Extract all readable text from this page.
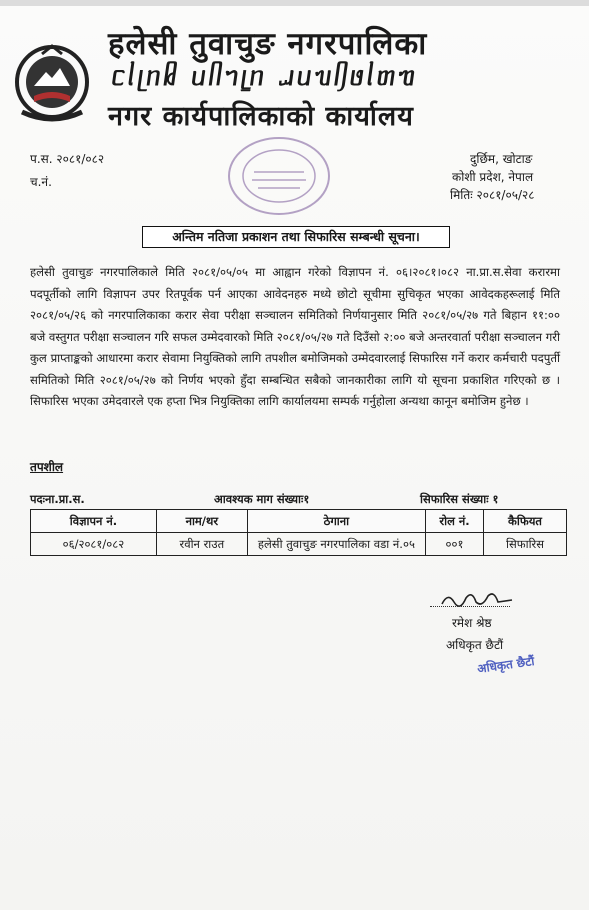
हलेसी तुवाचुङ नगरपालिका
ᥴᥣᥨᥒᥤ ᥙᥥᥐᥧᥒ ᥘᥙᥔᥦᥳᥣᥖᥓ
नगर कार्यपालिकाको कार्यालय
प.स. २०८१/०८२
च.नं.
दुर्छिम, खोटाङ
कोशी प्रदेश, नेपाल
मितिः २०८१/०५/२८
अन्तिम नतिजा प्रकाशन तथा सिफारिस सम्बन्धी सूचना।
हलेसी तुवाचुङ नगरपालिकाले मिति २०८१/०५/०५ मा आह्वान गरेको विज्ञापन नं. ०६।२०८१।०८२ ना.प्रा.स.सेवा करारमा पदपूर्तीको लागि विज्ञापन उपर रितपूर्वक पर्न आएका आवेदनहरु मध्ये छोटो सूचीमा सुचिकृत भएका आवेदकहरूलाई मिति २०८१/०५/२६ को नगरपालिकाका करार सेवा परीक्षा सञ्चालन समितिको निर्णयानुसार मिति २०८१/०५/२७ गते बिहान ११:०० बजे वस्तुगत परीक्षा सञ्चालन गरि सफल उम्मेदवारको मिति २०८१/०५/२७ गते दिउँसो २:०० बजे अन्तरवार्ता परीक्षा सञ्चालन गरी कुल प्राप्ताङ्कको आधारमा करार सेवामा नियुक्तिको लागि तपशील बमोजिमको उम्मेदवारलाई सिफारिस गर्ने करार कर्मचारी पदपुर्ती समितिको मिति २०८१/०५/२७ को निर्णय भएको हुँदा सम्बन्धित सबैको जानकारीका लागि यो सूचना प्रकाशित गरिएको छ । सिफारिस भएका उमेदवारले एक हप्ता भित्र नियुक्तिका लागि कार्यालयमा सम्पर्क गर्नुहोला अन्यथा कानून बमोजिम हुनेछ ।
तपशील
पदःना.प्रा.स.	आवश्यक माग संख्याः१	सिफारिस संख्याः १
विज्ञापन नं.	नाम/थर	ठेगाना	रोल नं.	कैफियत
०६/२०८१/०८२	रवीन राउत	हलेसी तुवाचुङ नगरपालिका वडा नं.०५	००१	सिफारिस
रमेश श्रेष्ठ
अधिकृत छैटौं
अधिकृत छैटौं
